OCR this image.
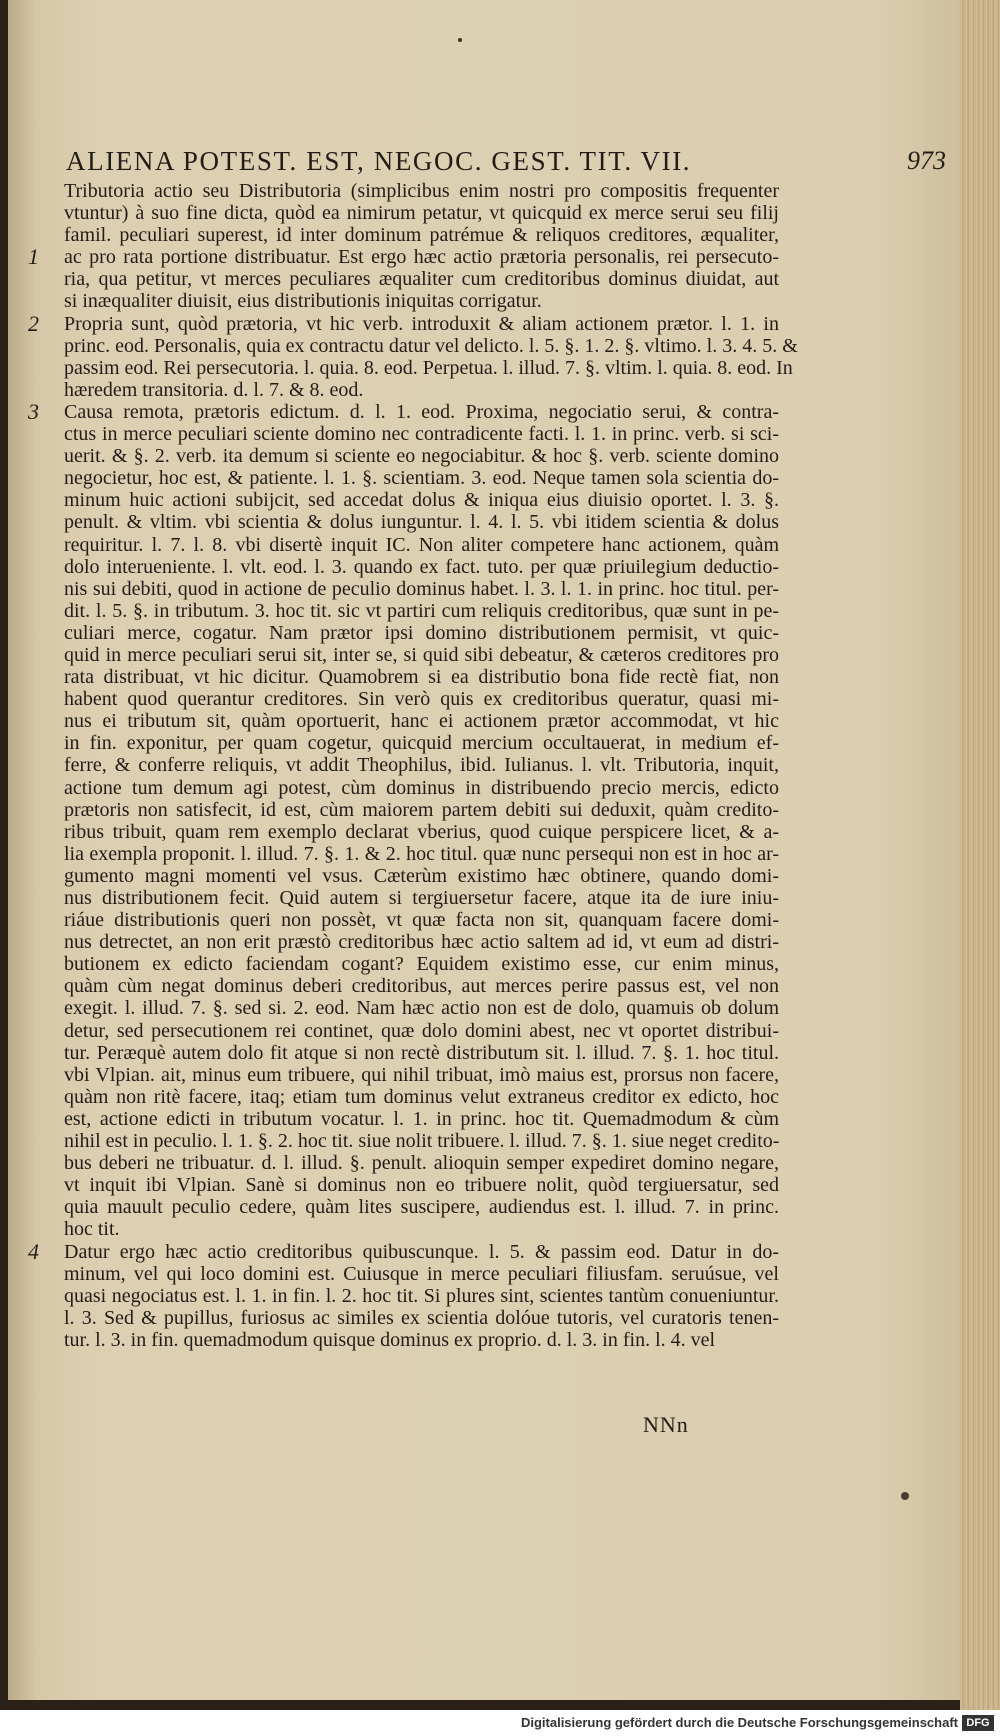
ALIENA POTEST. EST, NEGOC. GEST. TIT. VII.	973
Tributoria actio seu Distributoria (simplicibus enim nostri pro compositis frequenter
vtuntur) à suo fine dicta, quòd ea nimirum petatur, vt quicquid ex merce serui seu filij
famil. peculiari superest, id inter dominum patrémue & reliquos creditores, æqualiter,
1 ac pro rata portione distribuatur. Est ergo hæc actio prætoria personalis, rei persecuto-
ria, qua petitur, vt merces peculiares æqualiter cum creditoribus dominus diuidat, aut
si inæqualiter diuisit, eius distributionis iniquitas corrigatur.
2 Propria sunt, quòd prætoria, vt hic verb. introduxit & aliam actionem prætor. l. 1. in
princ. eod. Personalis, quia ex contractu datur vel delicto. l. 5. §. 1. 2. §. vltimo. l. 3. 4. 5. &
passim eod. Rei persecutoria. l. quia. 8. eod. Perpetua. l. illud. 7. §. vltim. l. quia. 8. eod. In
hæredem transitoria. d. l. 7. & 8. eod.
3 Causa remota, prætoris edictum. d. l. 1. eod. Proxima, negociatio serui, & contra-
ctus in merce peculiari sciente domino nec contradicente facti. l. 1. in princ. verb. si sci-
uerit. & §. 2. verb. ita demum si sciente eo negociabitur. & hoc §. verb. sciente domino
negocietur, hoc est, & patiente. l. 1. §. scientiam. 3. eod. Neque tamen sola scientia do-
minum huic actioni subijcit, sed accedat dolus & iniqua eius diuisio oportet. l. 3. §.
penult. & vltim. vbi scientia & dolus iunguntur. l. 4. l. 5. vbi itidem scientia & dolus
requiritur. l. 7. l. 8. vbi disertè inquit IC. Non aliter competere hanc actionem, quàm
dolo interueniente. l. vlt. eod. l. 3. quando ex fact. tuto. per quæ priuilegium deductio-
nis sui debiti, quod in actione de peculio dominus habet. l. 3. l. 1. in princ. hoc titul. per-
dit. l. 5. §. in tributum. 3. hoc tit. sic vt partiri cum reliquis creditoribus, quæ sunt in pe-
culiari merce, cogatur. Nam prætor ipsi domino distributionem permisit, vt quic-
quid in merce peculiari serui sit, inter se, si quid sibi debeatur, & cæteros creditores pro
rata distribuat, vt hic dicitur. Quamobrem si ea distributio bona fide rectè fiat, non
habent quod querantur creditores. Sin verò quis ex creditoribus queratur, quasi mi-
nus ei tributum sit, quàm oportuerit, hanc ei actionem prætor accommodat, vt hic
in fin. exponitur, per quam cogetur, quicquid mercium occultauerat, in medium ef-
ferre, & conferre reliquis, vt addit Theophilus, ibid. Iulianus. l. vlt. Tributoria, inquit,
actione tum demum agi potest, cùm dominus in distribuendo precio mercis, edicto
prætoris non satisfecit, id est, cùm maiorem partem debiti sui deduxit, quàm credito-
ribus tribuit, quam rem exemplo declarat vberius, quod cuique perspicere licet, & a-
lia exempla proponit. l. illud. 7. §. 1. & 2. hoc titul. quæ nunc persequi non est in hoc ar-
gumento magni momenti vel vsus. Cæterùm existimo hæc obtinere, quando domi-
nus distributionem fecit. Quid autem si tergiuersetur facere, atque ita de iure iniu-
riáue distributionis queri non possèt, vt quæ facta non sit, quanquam facere domi-
nus detrectet, an non erit præstò creditoribus hæc actio saltem ad id, vt eum ad distri-
butionem ex edicto faciendam cogant? Equidem existimo esse, cur enim minus,
quàm cùm negat dominus deberi creditoribus, aut merces perire passus est, vel non
exegit. l. illud. 7. §. sed si. 2. eod. Nam hæc actio non est de dolo, quamuis ob dolum
detur, sed persecutionem rei continet, quæ dolo domini abest, nec vt oportet distribui-
tur. Peræquè autem dolo fit atque si non rectè distributum sit. l. illud. 7. §. 1. hoc titul.
vbi Vlpian. ait, minus eum tribuere, qui nihil tribuat, imò maius est, prorsus non facere,
quàm non ritè facere, itaq; etiam tum dominus velut extraneus creditor ex edicto, hoc
est, actione edicti in tributum vocatur. l. 1. in princ. hoc tit. Quemadmodum & cùm
nihil est in peculio. l. 1. §. 2. hoc tit. siue nolit tribuere. l. illud. 7. §. 1. siue neget credito-
bus deberi ne tribuatur. d. l. illud. §. penult. alioquin semper expediret domino negare,
vt inquit ibi Vlpian. Sanè si dominus non eo tribuere nolit, quòd tergiuersatur, sed
quia mauult peculio cedere, quàm lites suscipere, audiendus est. l. illud. 7. in princ.
hoc tit.
4 Datur ergo hæc actio creditoribus quibuscunque. l. 5. & passim eod. Datur in do-
minum, vel qui loco domini est. Cuiusque in merce peculiari filiusfam. seruúsue, vel
quasi negociatus est. l. 1. in fin. l. 2. hoc tit. Si plures sint, scientes tantùm conueniuntur.
l. 3. Sed & pupillus, furiosus ac similes ex scientia dolóue tutoris, vel curatoris tenen-
tur. l. 3. in fin. quemadmodum quisque dominus ex proprio. d. l. 3. in fin. l. 4. vel
NNn
Digitalisierung gefördert durch die Deutsche Forschungsgemeinschaft DFG
